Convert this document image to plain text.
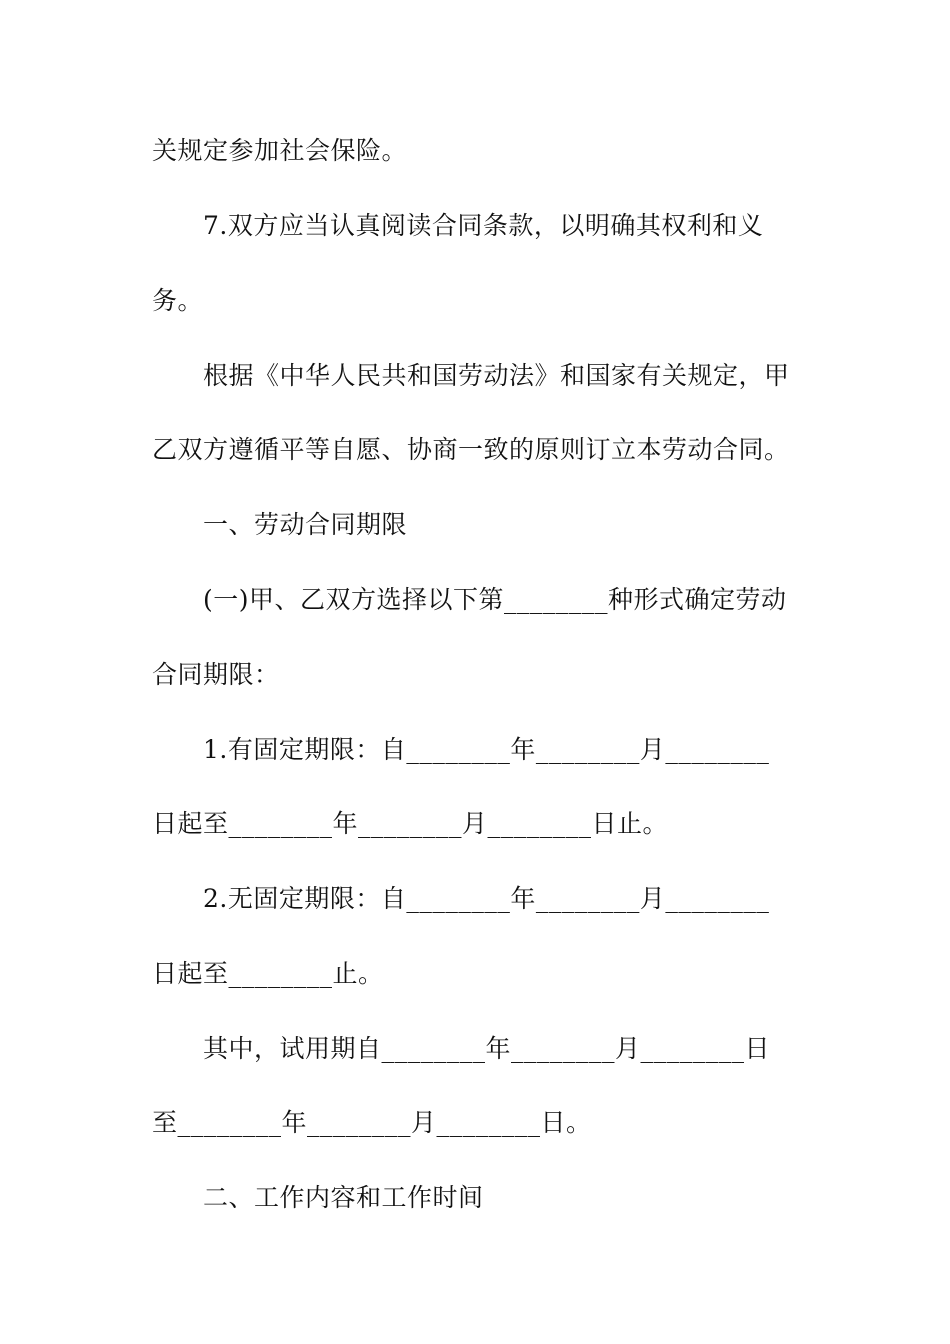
关规定参加社会保险。
7.双方应当认真阅读合同条款，以明确其权利和义
务。
根据《中华人民共和国劳动法》和国家有关规定，甲
乙双方遵循平等自愿、协商一致的原则订立本劳动合同。
一、劳动合同期限
(一)甲、乙双方选择以下第________种形式确定劳动
合同期限：
1.有固定期限：自________年________月________
日起至________年________月________日止。
2.无固定期限：自________年________月________
日起至________止。
其中，试用期自________年________月________日
至________年________月________日。
二、工作内容和工作时间
